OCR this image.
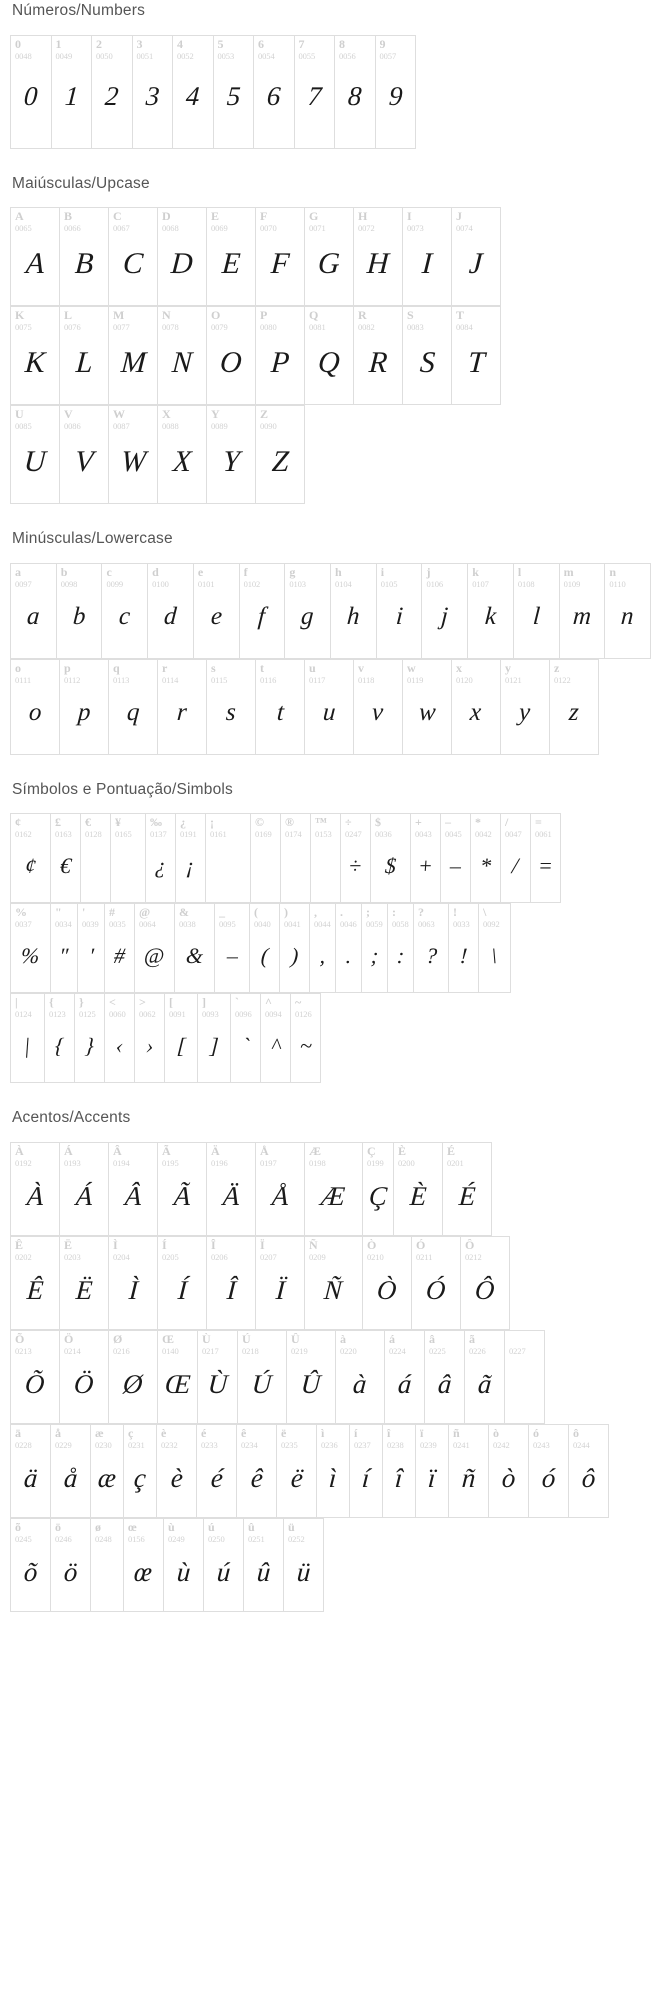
Números/Numbers
0
0048
0
1
0049
1
2
0050
2
3
0051
3
4
0052
4
5
0053
5
6
0054
6
7
0055
7
8
0056
8
9
0057
9
Maiúsculas/Upcase
A
0065
A
B
0066
B
C
0067
C
D
0068
D
E
0069
E
F
0070
F
G
0071
G
H
0072
H
I
0073
I
J
0074
J
K
0075
K
L
0076
L
M
0077
M
N
0078
N
O
0079
O
P
0080
P
Q
0081
Q
R
0082
R
S
0083
S
T
0084
T
U
0085
U
V
0086
V
W
0087
W
X
0088
X
Y
0089
Y
Z
0090
Z
Minúsculas/Lowercase
a
0097
a
b
0098
b
c
0099
c
d
0100
d
e
0101
e
f
0102
f
g
0103
g
h
0104
h
i
0105
i
j
0106
j
k
0107
k
l
0108
l
m
0109
m
n
0110
n
o
0111
o
p
0112
p
q
0113
q
r
0114
r
s
0115
s
t
0116
t
u
0117
u
v
0118
v
w
0119
w
x
0120
x
y
0121
y
z
0122
z
Símbolos e Pontuação/Simbols
¢
0162
¢
£
0163
€
€
0128
¥
0165
‰
0137
¿
¿
0191
¡
¡
0161
©
0169
®
0174
™
0153
÷
0247
÷
$
0036
$
+
0043
+
–
0045
–
*
0042
*
/
0047
/
=
0061
=
%
0037
%
"
0034
"
'
0039
'
#
0035
#
@
0064
@
&
0038
&
_
0095
–
(
0040
(
)
0041
)
,
0044
,
.
0046
.
;
0059
;
:
0058
:
?
0063
?
!
0033
!
\
0092
\
|
0124
|
{
0123
{
}
0125
}
<
0060
‹
>
0062
›
[
0091
[
]
0093
]
`
0096
`
^
0094
^
~
0126
~
Acentos/Accents
À
0192
À
Á
0193
Á
Â
0194
Â
Ã
0195
Ã
Ä
0196
Ä
Å
0197
Å
Æ
0198
Æ
Ç
0199
Ç
È
0200
È
É
0201
É
Ê
0202
Ê
Ë
0203
Ë
Ì
0204
Ì
Í
0205
Í
Î
0206
Î
Ï
0207
Ï
Ñ
0209
Ñ
Ò
0210
Ò
Ó
0211
Ó
Ô
0212
Ô
Õ
0213
Õ
Ö
0214
Ö
Ø
0216
Ø
Œ
0140
Œ
Ù
0217
Ù
Ú
0218
Ú
Û
0219
Û
à
0220
à
á
0224
á
â
0225
â
ã
0226
ã
0227
ä
0228
ä
å
0229
å
æ
0230
æ
ç
0231
ç
è
0232
è
é
0233
é
ê
0234
ê
ë
0235
ë
ì
0236
ì
í
0237
í
î
0238
î
ï
0239
ï
ñ
0241
ñ
ò
0242
ò
ó
0243
ó
ô
0244
ô
õ
0245
õ
ö
0246
ö
ø
0248
œ
0156
œ
ù
0249
ù
ú
0250
ú
û
0251
û
ü
0252
ü
